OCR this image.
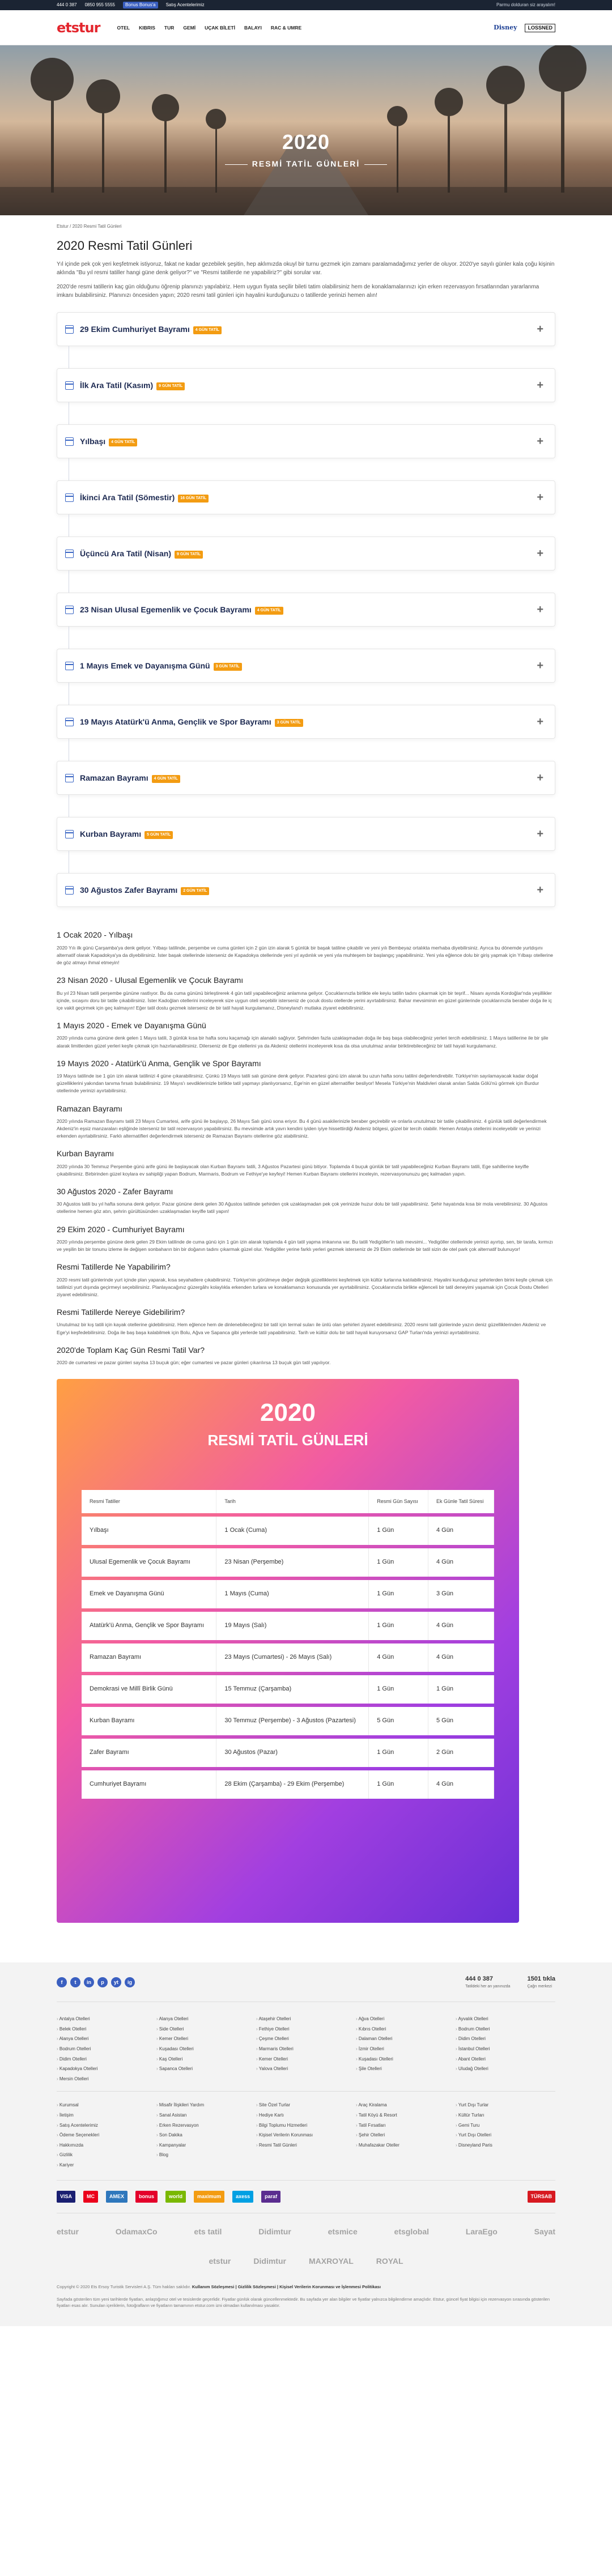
444 0 387 0850 955 5555	Bonus Bonus'a	Satış Acentelerimiz	Parmu dolduran siz arayalım!
etstur	OTEL KIBRIS TUR GEMİ UÇAK BİLETİ BALAYI RAC & UMRE	Disney	LOSSNED
2020
RESMİ TATİL GÜNLERİ
Etstur / 2020 Resmi Tatil Günleri
2020 Resmi Tatil Günleri

Yıl içinde pek çok yeri keşfetmek istiyoruz, fakat ne kadar gezebilek şeşitin, hep aklımızda okuyl bir turnu gezmek için zamanı paralamadağımız yerler de oluyor. 2020'ye sayılı günler kala çoğu kişinin aklında "Bu yıl resmi tatiller hangi güne denk geliyor?" ve "Resmi tatillerde ne yapabiliriz?" gibi sorular var.

2020'de resmi tatillerin kaç gün olduğunu öğrenip planınızı yapılabiriz. Hem uygun fiyata seçilir bileti tatim olabilirsiniz hem de konaklamalarınızı için erken rezervasyon fırsatlarından yararlanma imkanı bulabilirsiniz. Planınızı öncesiden yapın; 2020 resmi tatil günleri için hayalini kurduğunuzu o tatillerde yerinizi hemen alın!

29 Ekim Cumhuriyet Bayramı 4 GÜN TATİL	+
İlk Ara Tatil (Kasım) 9 GÜN TATİL	+
Yılbaşı 4 GÜN TATİL	+
İkinci Ara Tatil (Sömestir) 16 GÜN TATİL	+
Üçüncü Ara Tatil (Nisan) 9 GÜN TATİL	+
23 Nisan Ulusal Egemenlik ve Çocuk Bayramı 4 GÜN TATİL	+
1 Mayıs Emek ve Dayanışma Günü 3 GÜN TATİL	+
19 Mayıs Atatürk'ü Anma, Gençlik ve Spor Bayramı 3 GÜN TATİL	+
Ramazan Bayramı 4 GÜN TATİL	+
Kurban Bayramı 5 GÜN TATİL	+
30 Ağustos Zafer Bayramı 2 GÜN TATİL	+
1 Ocak 2020 - Yılbaşı

2020 Yılı ilk günü Çarşamba'ya denk geliyor. Yılbaşı tatilinde, perşembe ve cuma günleri için 2 gün izin alarak 5 günlük bir başak tatiline çıkabilir ve yeni yılı Bembeyaz ortalıkta merhaba diyebilirsiniz. Ayrıca bu dönemde yurtdışını alternatif olarak Kapadokya'ya da diyebilirsiniz. İster başak otellerinde isterseniz de Kapadokya otellerinde yeni yıl aydınlık ve yeni yıla muhteşem bir başlangıç yapabilirsiniz. Yeni yıla eğlence dolu bir giriş yapmak için Yılbaşı otellerine de göz atmayı ihmal etmeyin!

23 Nisan 2020 - Ulusal Egemenlik ve Çocuk Bayramı

Bu yıl 23 Nisan tatili perşembe gününe rastlıyor. Bu da cuma gününü birleştirerek 4 gün tatil yapabileceğiniz anlamına geliyor. Çocuklarınızla birlikte ele keyiu tatilin tadını çıkarmak için bir teşrif... Nisanı ayında Kordoğlar'nda yeşillikler içinde, sıcaşını doru bir tatile çıkabilirsiniz. İster Kadoğlan otellerini inceleyerek size uygun oteli seçebilir isterseniz de çocuk dostu otellerde yerini ayırtabilirsiniz. Bahar mevsiminin en güzel günlerinde çocuklarınızla beraber doğa ile iç içe vakit geçirmek için geç kalmayın! Eğer tatil dostu gezmek isterseniz de bir tatil hayali kurgulamanız, Disneyland'ı mutlaka ziyaret edebilirsiniz.

1 Mayıs 2020 - Emek ve Dayanışma Günü

2020 yılında cuma gününe denk gelen 1 Mayıs tatili, 3 günlük kısa bir hafta sonu kaçamağı için alanaklı sağlıyor. Şehrinden fazla uzaklaşmadan doğa ile baş başa olabileceğiniz yerleri tercih edebilirsiniz. 1 Mayıs tatillerine ile bir şile alarak limitlerden güzel yerleri keşfe çıkmak için hazırlanabilirsiniz. Dilerseniz de Ege otellerini ya da Akdeniz otellerini inceleyerek kısa da olsa unutulmaz anılar biriktirebileceğiniz bir tatil hayali kurgulamanız.

19 Mayıs 2020 - Atatürk'ü Anma, Gençlik ve Spor Bayramı

19 Mayıs tatilinde ise 1 gün izin alarak tatilinizi 4 güne çıkarabilirsiniz. Çünkü 19 Mayıs tatili salı gününe denk geliyor. Pazartesi günü izin alarak bu uzun hafta sonu tatilini değerlendirebilir. Türkiye'nin sayılamayacak kadar doğal güzelliklerini yakından tanıma fırsatı bulabilirsiniz. 19 Mayıs'ı sevdiklerinizle birlikte tatil yapmayı planlıyorsanız, Ege'nin en güzel alternatifler besliyor! Mesela Türkiye'nin Maldivleri olarak anılan Salda Gölü'nü görmek için Burdur otellerinde yerinizi ayırtabilirsiniz.

Ramazan Bayramı

2020 yılında Ramazan Bayramı tatili 23 Mayıs Cumartesi, arife günü ile başlayıp, 26 Mayıs Salı günü sona eriyor. Bu 4 günü asakilerinizle beraber geçirebilir ve onlarla unutulmaz bir tatile çıkabilirsiniz. 4 günlük tatili değerlendirmek Akdeniz'in eşsiz manzaraları eşliğinde isterseniz bir tatil rezervasyon yapabilirsiniz. Bu mevsimde artık yavrı kendini iyiden iyiye hissettirdiği Akdeniz bölgesi, güzel bir tercih olabilir. Hemen Antalya otellerini inceleyebilir ve yerinizi erkenden ayırtabilirsiniz. Farklı alternatifleri değerlendirmek isterseniz de Ramazan Bayramı otellerine göz atabilirsiniz.

Kurban Bayramı

2020 yılında 30 Temmuz Perşembe günü arife günü ile başlayacak olan Kurban Bayramı tatili, 3 Ağustos Pazartesi günü bitiyor. Toplamda 4 buçuk günlük bir tatil yapabileceğiniz Kurban Bayramı tatili, Ege sahillerine keyifle çıkabilirsiniz. Birbirinden güzel koylara ev sahipliği yapan Bodrum, Marmaris, Bodrum ve Fethiye'ye keyfeyi! Hemen Kurban Bayramı otellerini inceleyin, rezervasyonunuzu geç kalmadan yapın.

30 Ağustos 2020 - Zafer Bayramı

30 Ağustos tatili bu yıl hafta sonuna denk geliyor. Pazar gününe denk gelen 30 Ağustos tatilinde şehirden çok uzaklaşmadan pek çok yerinizde huzur dolu bir tatil yapabilirsiniz. Şehir hayatında kısa bir mola verebilirsiniz. 30 Ağustos otellerine hemen göz atın, şehrin gürültüsünden uzaklaşmadan keyifle tatil yapın!

29 Ekim 2020 - Cumhuriyet Bayramı

2020 yılında perşembe gününe denk gelen 29 Ekim tatilinde de cuma günü için 1 gün izin alarak toplamda 4 gün tatil yapma imkanına var. Bu tatili Yedigöller'in tatlı mevsimi... Yedigöller otellerinde yerinizi ayırtıp, sen, bir tarafa, kırmızı ve yeşilin bin bir tonunu izleme ile değişen sonbaharın bin bir doğanın tadını çıkarmak güzel olur. Yedigöller yerine farklı yerleri gezmek isterseniz de 29 Ekim otellerinde bir tatil sizin de otel park çok alternatif bulunuyor!

Resmi Tatillerde Ne Yapabilirim?

2020 resmi tatil günlerinde yurt içinde plan yaparak, kısa seyahatlere çıkabilirsiniz. Türkiye'nin görülmeye değer değişik güzelliklerini keşfetmek için kültür turlarına katılabilirsiniz. Hayalini kurduğunuz şehirlerden birini keşfe çıkmak için tatilinizi yurt dışında geçirmeyi seçebilirsiniz. Planlayacağınız güzergâhı kolaylıkla erkenden turlara ve konaklamanızı konusunda yer ayırtabilirsiniz. Çocuklarınızla birlikte eğlenceli bir tatil deneyimi yaşamak için Çocuk Dostu Otelleri ziyaret edebilirsiniz.

Resmi Tatillerde Nereye Gidebilirim?

Unutulmaz bir kış tatili için kayak otellerine gidebilirsiniz. Hem eğlence hem de dinlenebileceğiniz bir tatil için termal suları ile ünlü olan şehirleri ziyaret edebilirsiniz. 2020 resmi tatil günlerinde yazın deniz güzelliklerinden Akdeniz ve Ege'yi keşfedebilirsiniz. Doğa ile baş başa kalabilmek için Bolu, Ağva ve Sapanca gibi yerlerde tatil yapabilirsiniz. Tarih ve kültür dolu bir tatil hayali kuruyorsanız GAP Turları'nda yerinizi ayırtabilirsiniz.

2020'de Toplam Kaç Gün Resmi Tatil Var?

2020 de cumartesi ve pazar günleri sayılsa 13 buçuk gün; eğer cumartesi ve pazar günleri çıkarılırsa 13 buçuk gün tatil yapılıyor.

2020
RESMİ TATİL GÜNLERİ
Resmi Tatiller	Tarih	Resmi Gün Sayısı	Ek Günle Tatil Süresi
Yılbaşı	1 Ocak (Cuma)	1 Gün	4 Gün
Ulusal Egemenlik ve Çocuk Bayramı	23 Nisan (Perşembe)	1 Gün	4 Gün
Emek ve Dayanışma Günü	1 Mayıs (Cuma)	1 Gün	3 Gün
Atatürk'ü Anma, Gençlik ve Spor Bayramı	19 Mayıs (Salı)	1 Gün	4 Gün
Ramazan Bayramı	23 Mayıs (Cumartesi) - 26 Mayıs (Salı)	4 Gün	4 Gün
Demokrasi ve Millî Birlik Günü	15 Temmuz (Çarşamba)	1 Gün	1 Gün
Kurban Bayramı	30 Temmuz (Perşembe) - 3 Ağustos (Pazartesi)	5 Gün	5 Gün
Zafer Bayramı	30 Ağustos (Pazar)	1 Gün	2 Gün
Cumhuriyet Bayramı	28 Ekim (Çarşamba) - 29 Ekim (Perşembe)	1 Gün	4 Gün
f	t	in	p	yt	ig
444 0 387
Tatildeki her an yanınızda
1501 tıkla
Çağrı merkezi
› Antalya Otelleri
› Belek Otelleri
› Alanya Otelleri
› Bodrum Otelleri
› Didim Otelleri
› Kapadokya Otelleri
› Mersin Otelleri
› Alanya Otelleri
› Side Otelleri
› Kemer Otelleri
› Kuşadası Otelleri
› Kaş Otelleri
› Sapanca Otelleri
› Ataşehir Otelleri
› Fethiye Otelleri
› Çeşme Otelleri
› Marmaris Otelleri
› Kemer Otelleri
› Yalova Otelleri
› Ağva Otelleri
› Kıbrıs Otelleri
› Dalaman Otelleri
› İzmir Otelleri
› Kuşadası Otelleri
› Şile Otelleri
› Ayvalık Otelleri
› Bodrum Otelleri
› Didim Otelleri
› İstanbul Otelleri
› Abant Otelleri
› Uludağ Otelleri
› Kurumsal
› İletişim
› Satış Acentelerimiz
› Ödeme Seçenekleri
› Hakkımızda
› Gizlilik
› Kariyer
› Misafir İlişkileri Yardım
› Sanal Asistan
› Erken Rezervasyon
› Son Dakika
› Kampanyalar
› Blog
› Site Özel Turlar
› Hediye Kartı
› Bilgi Toplumu Hizmetleri
› Kişisel Verilerin Korunması
› Resmi Tatil Günleri
› Araç Kiralama
› Tatil Köyü & Resort
› Tatil Fırsatları
› Şehir Otelleri
› Muhafazakar Oteller
› Yurt Dışı Turlar
› Kültür Turları
› Gemi Turu
› Yurt Dışı Otelleri
› Disneyland Paris
VISA	MC	AMEX	bonus	world	maximum	axess	paraf	TÜRSAB
etstur	OdamaxCo	ets tatil	Didimtur	etsmice	etsglobal	LaraEgo	Sayat
etstur	Didimtur	MAXROYAL	ROYAL
Copyright © 2020 Ets Ersoy Turistik Servisleri A.Ş. Tüm hakları saklıdır. Kullanım Sözleşmesi | Gizlilik Sözleşmesi | Kişisel Verilerin Korunması ve İşlenmesi Politikası
Sayfada gösterilen tüm yeni tarihlerde fiyatları, anlaştığımız otel ve tesislerde geçerlidir. Fiyatlar günlük olarak güncellenmektedir. Bu sayfada yer alan bilgiler ve fiyatlar yalnızca bilgilendirme amaçlıdır. Etstur, güncel fiyat bilgisi için rezervasyon sırasında gösterilen fiyatları esas alır. Sunulan içeriklerin, fotoğrafların ve fiyatların tamamının etstur.com izni olmadan kullanılması yasaktır.
